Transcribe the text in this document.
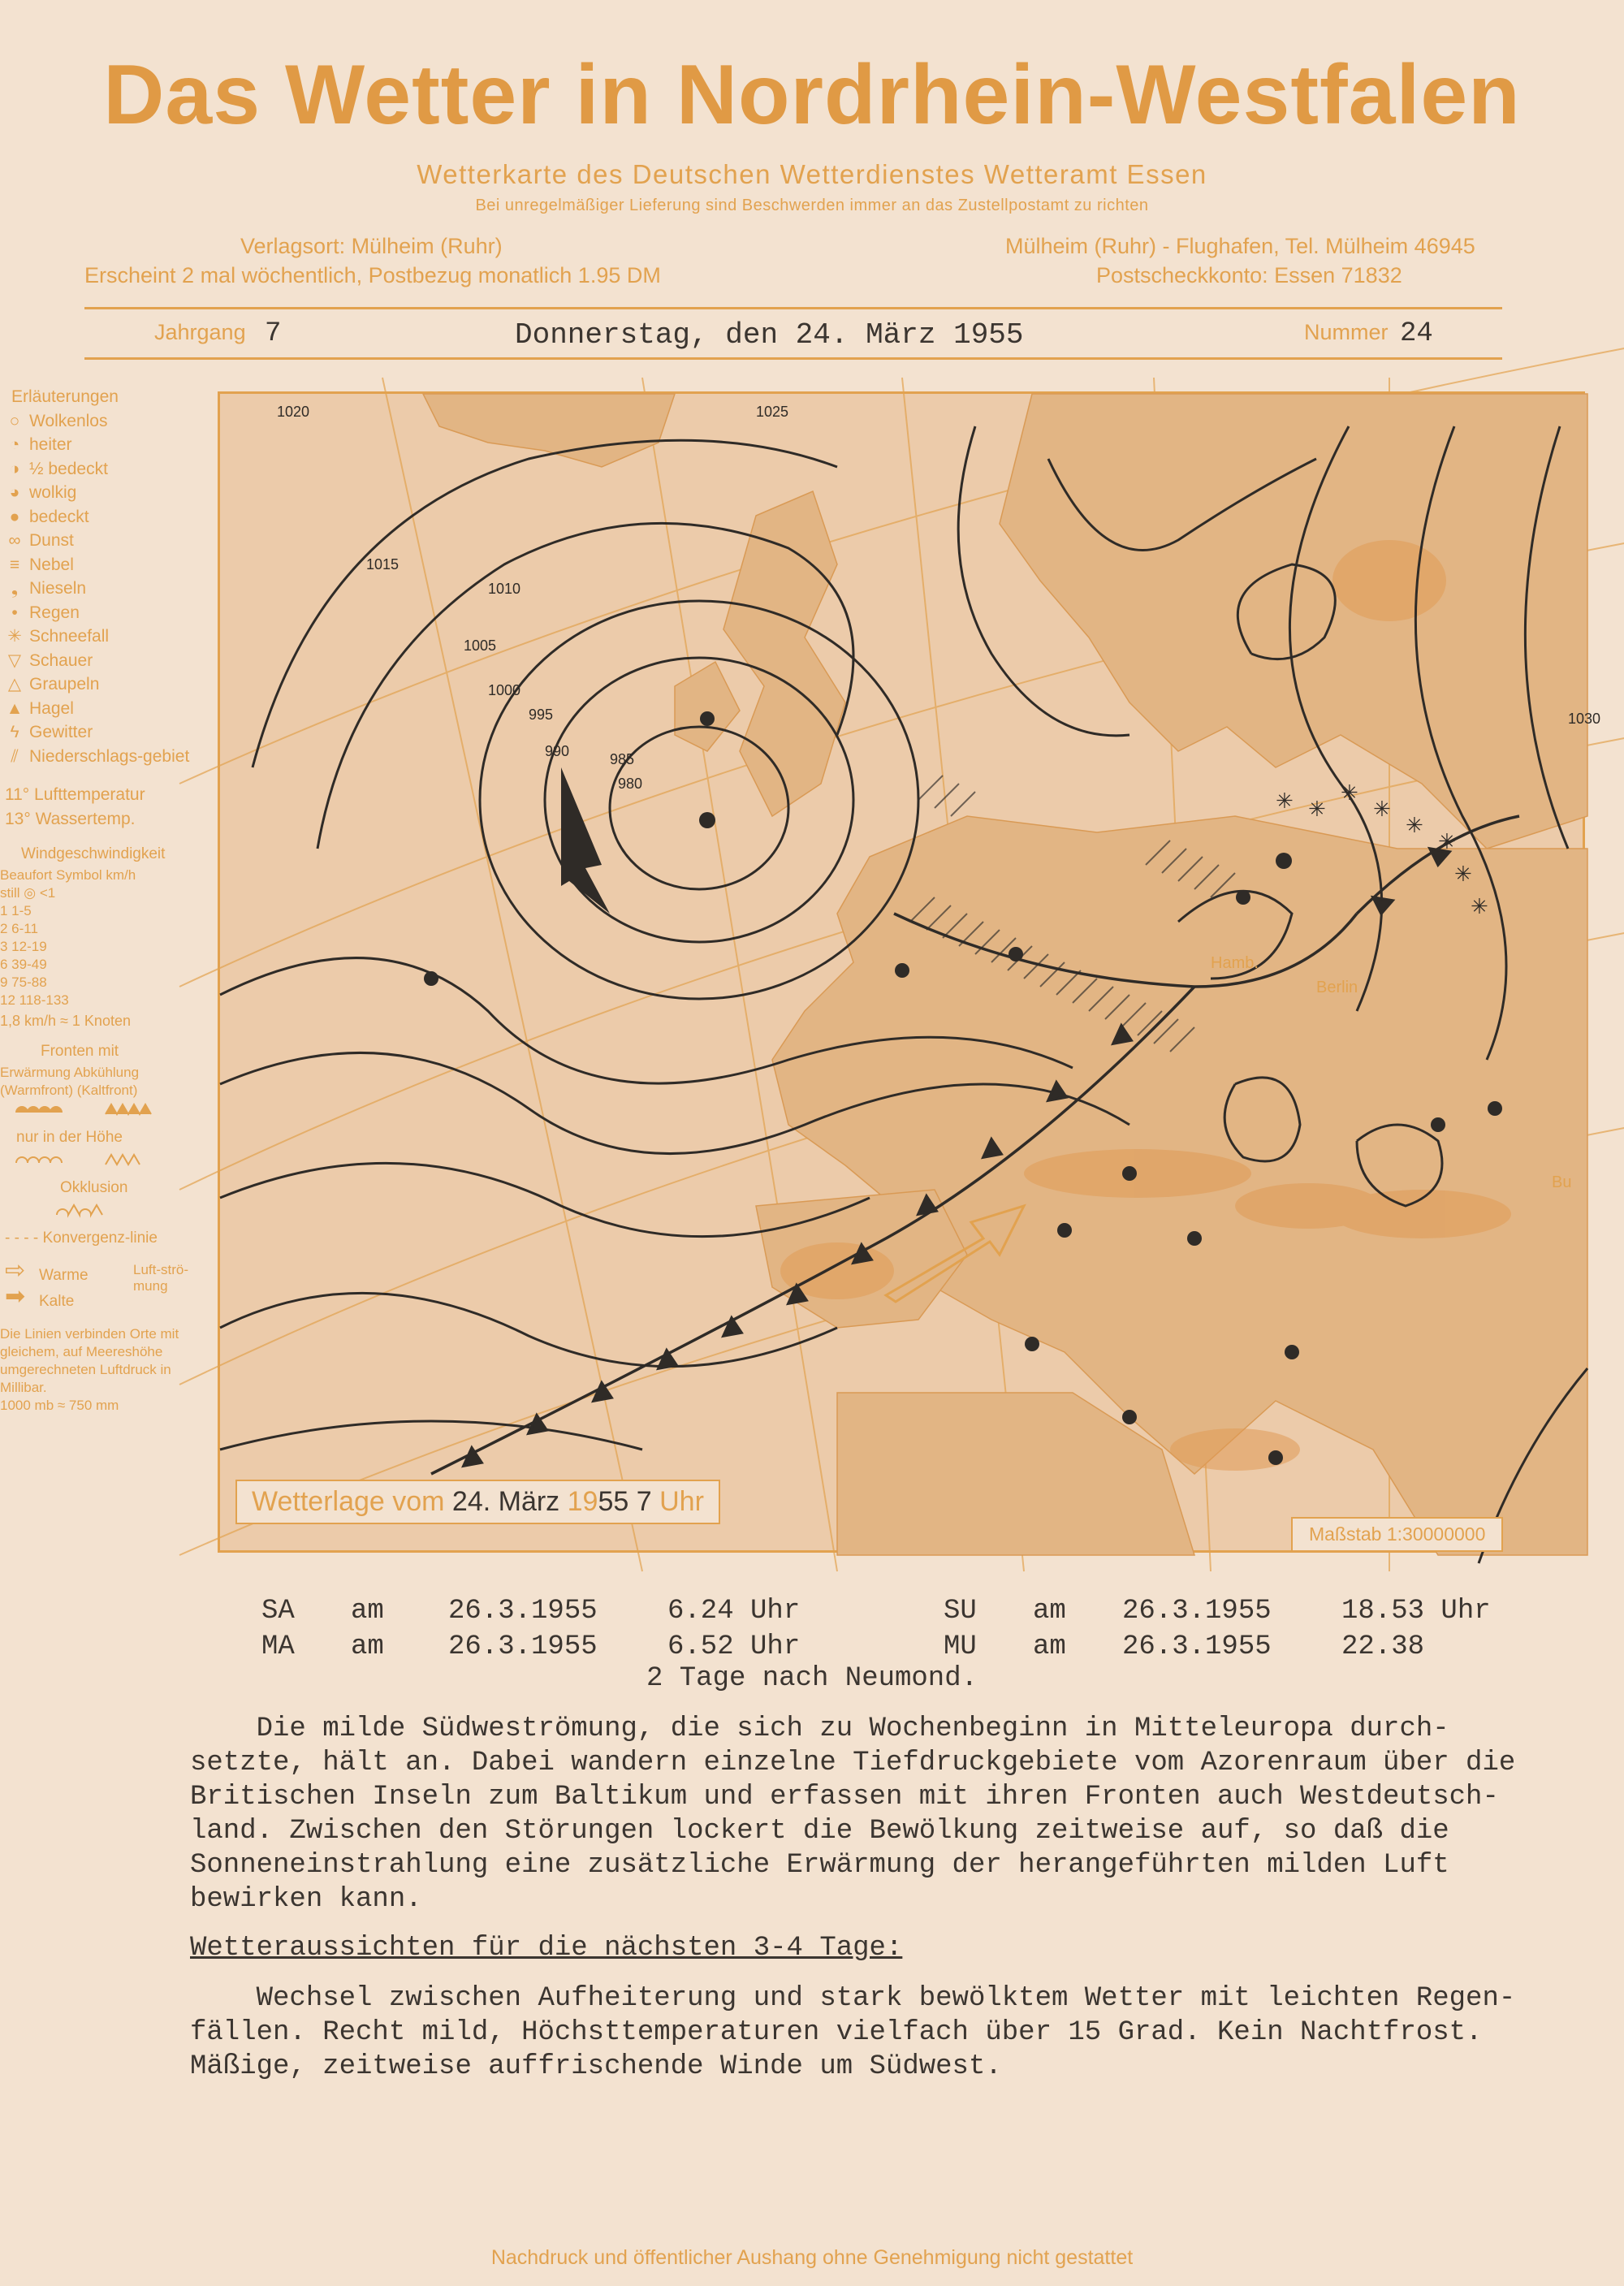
Das Wetter in Nordrhein-Westfalen
Wetterkarte des Deutschen Wetterdienstes Wetteramt Essen
Bei unregelmäßiger Lieferung sind Beschwerden immer an das Zustellpostamt zu richten
Verlagsort: Mülheim (Ruhr)
Erscheint 2 mal wöchentlich, Postbezug monatlich 1.95 DM
Mülheim (Ruhr) - Flughafen, Tel. Mülheim 46945
Postscheckkonto: Essen 71832
Jahrgang 7	Donnerstag, den 24. März 1955	Nummer 24
Erläuterungen
○ Wolkenlos
◔ heiter
◑ ½ bedeckt
◕ wolkig
● bedeckt
∞ Dunst
≡ Nebel
❟ Nieseln
• Regen
✳ Schneefall
▽ Schauer
△ Graupeln
▲ Hagel
ϟ Gewitter
⫽ Niederschlags-gebiet
11° Lufttemperatur
13° Wassertemp.
Windgeschwindigkeit
Beaufort Symbol km/h
still ◎ <1
1 1-5
2 6-11
3 12-19
6 39-49
9 75-88
12 118-133
1,8 km/h ≈ 1 Knoten
Fronten mit
Erwärmung Abkühlung
(Warmfront) (Kaltfront)
nur in der Höhe
Okklusion
- - - - Konvergenz-linie
⇨ Warme
➡ Kalte
Luft-strö-mung
Die Linien verbinden Orte mit gleichem, auf Meereshöhe umgerechneten Luftdruck in Millibar.
1000 mb ≈ 750 mm
✳ ✳
✳
✳
✳
✳
✳
✳
1020
1015
1010
1005
1000
995
990	985
980
1025
1030
Hamb.
Berlin
Bu
Wetterlage vom 24. März 1955 7 Uhr
Maßstab 1:30000000
SA	am	26.3.1955	6.24 Uhr	SU	am	26.3.1955	18.53 Uhr
MA	am	26.3.1955	6.52 Uhr	MU	am	26.3.1955	22.38
2 Tage nach Neumond.
Die milde Südweströmung, die sich zu Wochenbeginn in Mitteleuropa durch-
setzte, hält an. Dabei wandern einzelne Tiefdruckgebiete vom Azorenraum über die
Britischen Inseln zum Baltikum und erfassen mit ihren Fronten auch Westdeutsch-
land. Zwischen den Störungen lockert die Bewölkung zeitweise auf, so daß die
Sonneneinstrahlung eine zusätzliche Erwärmung der herangeführten milden Luft
bewirken kann.
Wetteraussichten für die nächsten 3-4 Tage:
Wechsel zwischen Aufheiterung und stark bewölktem Wetter mit leichten Regen-
fällen. Recht mild, Höchsttemperaturen vielfach über 15 Grad. Kein Nachtfrost.
Mäßige, zeitweise auffrischende Winde um Südwest.
Nachdruck und öffentlicher Aushang ohne Genehmigung nicht gestattet
